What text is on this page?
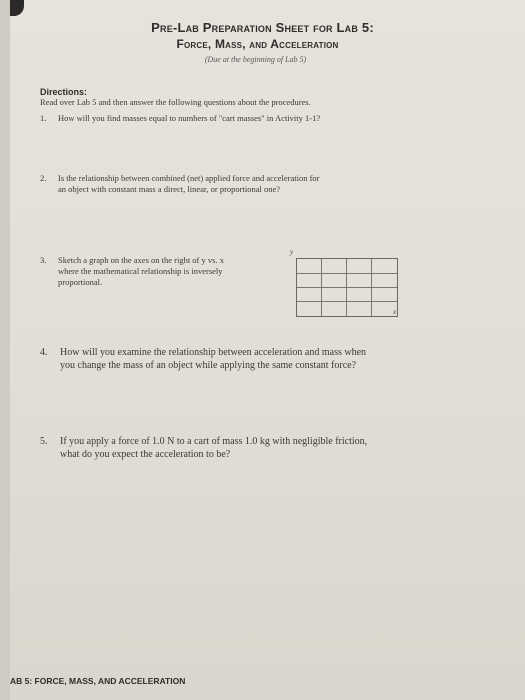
Pre-Lab Preparation Sheet for Lab 5:
Force, Mass, and Acceleration
(Due at the beginning of Lab 5)
Directions:
Read over Lab 5 and then answer the following questions about the procedures.
1. How will you find masses equal to numbers of "cart masses" in Activity 1-1?
2. Is the relationship between combined (net) applied force and acceleration for
an object with constant mass a direct, linear, or proportional one?
3. Sketch a graph on the axes on the right of y vs. x
where the mathematical relationship is inversely
proportional.
y
x
4. How will you examine the relationship between acceleration and mass when
you change the mass of an object while applying the same constant force?
5. If you apply a force of 1.0 N to a cart of mass 1.0 kg with negligible friction,
what do you expect the acceleration to be?
AB 5: FORCE, MASS, AND ACCELERATION
